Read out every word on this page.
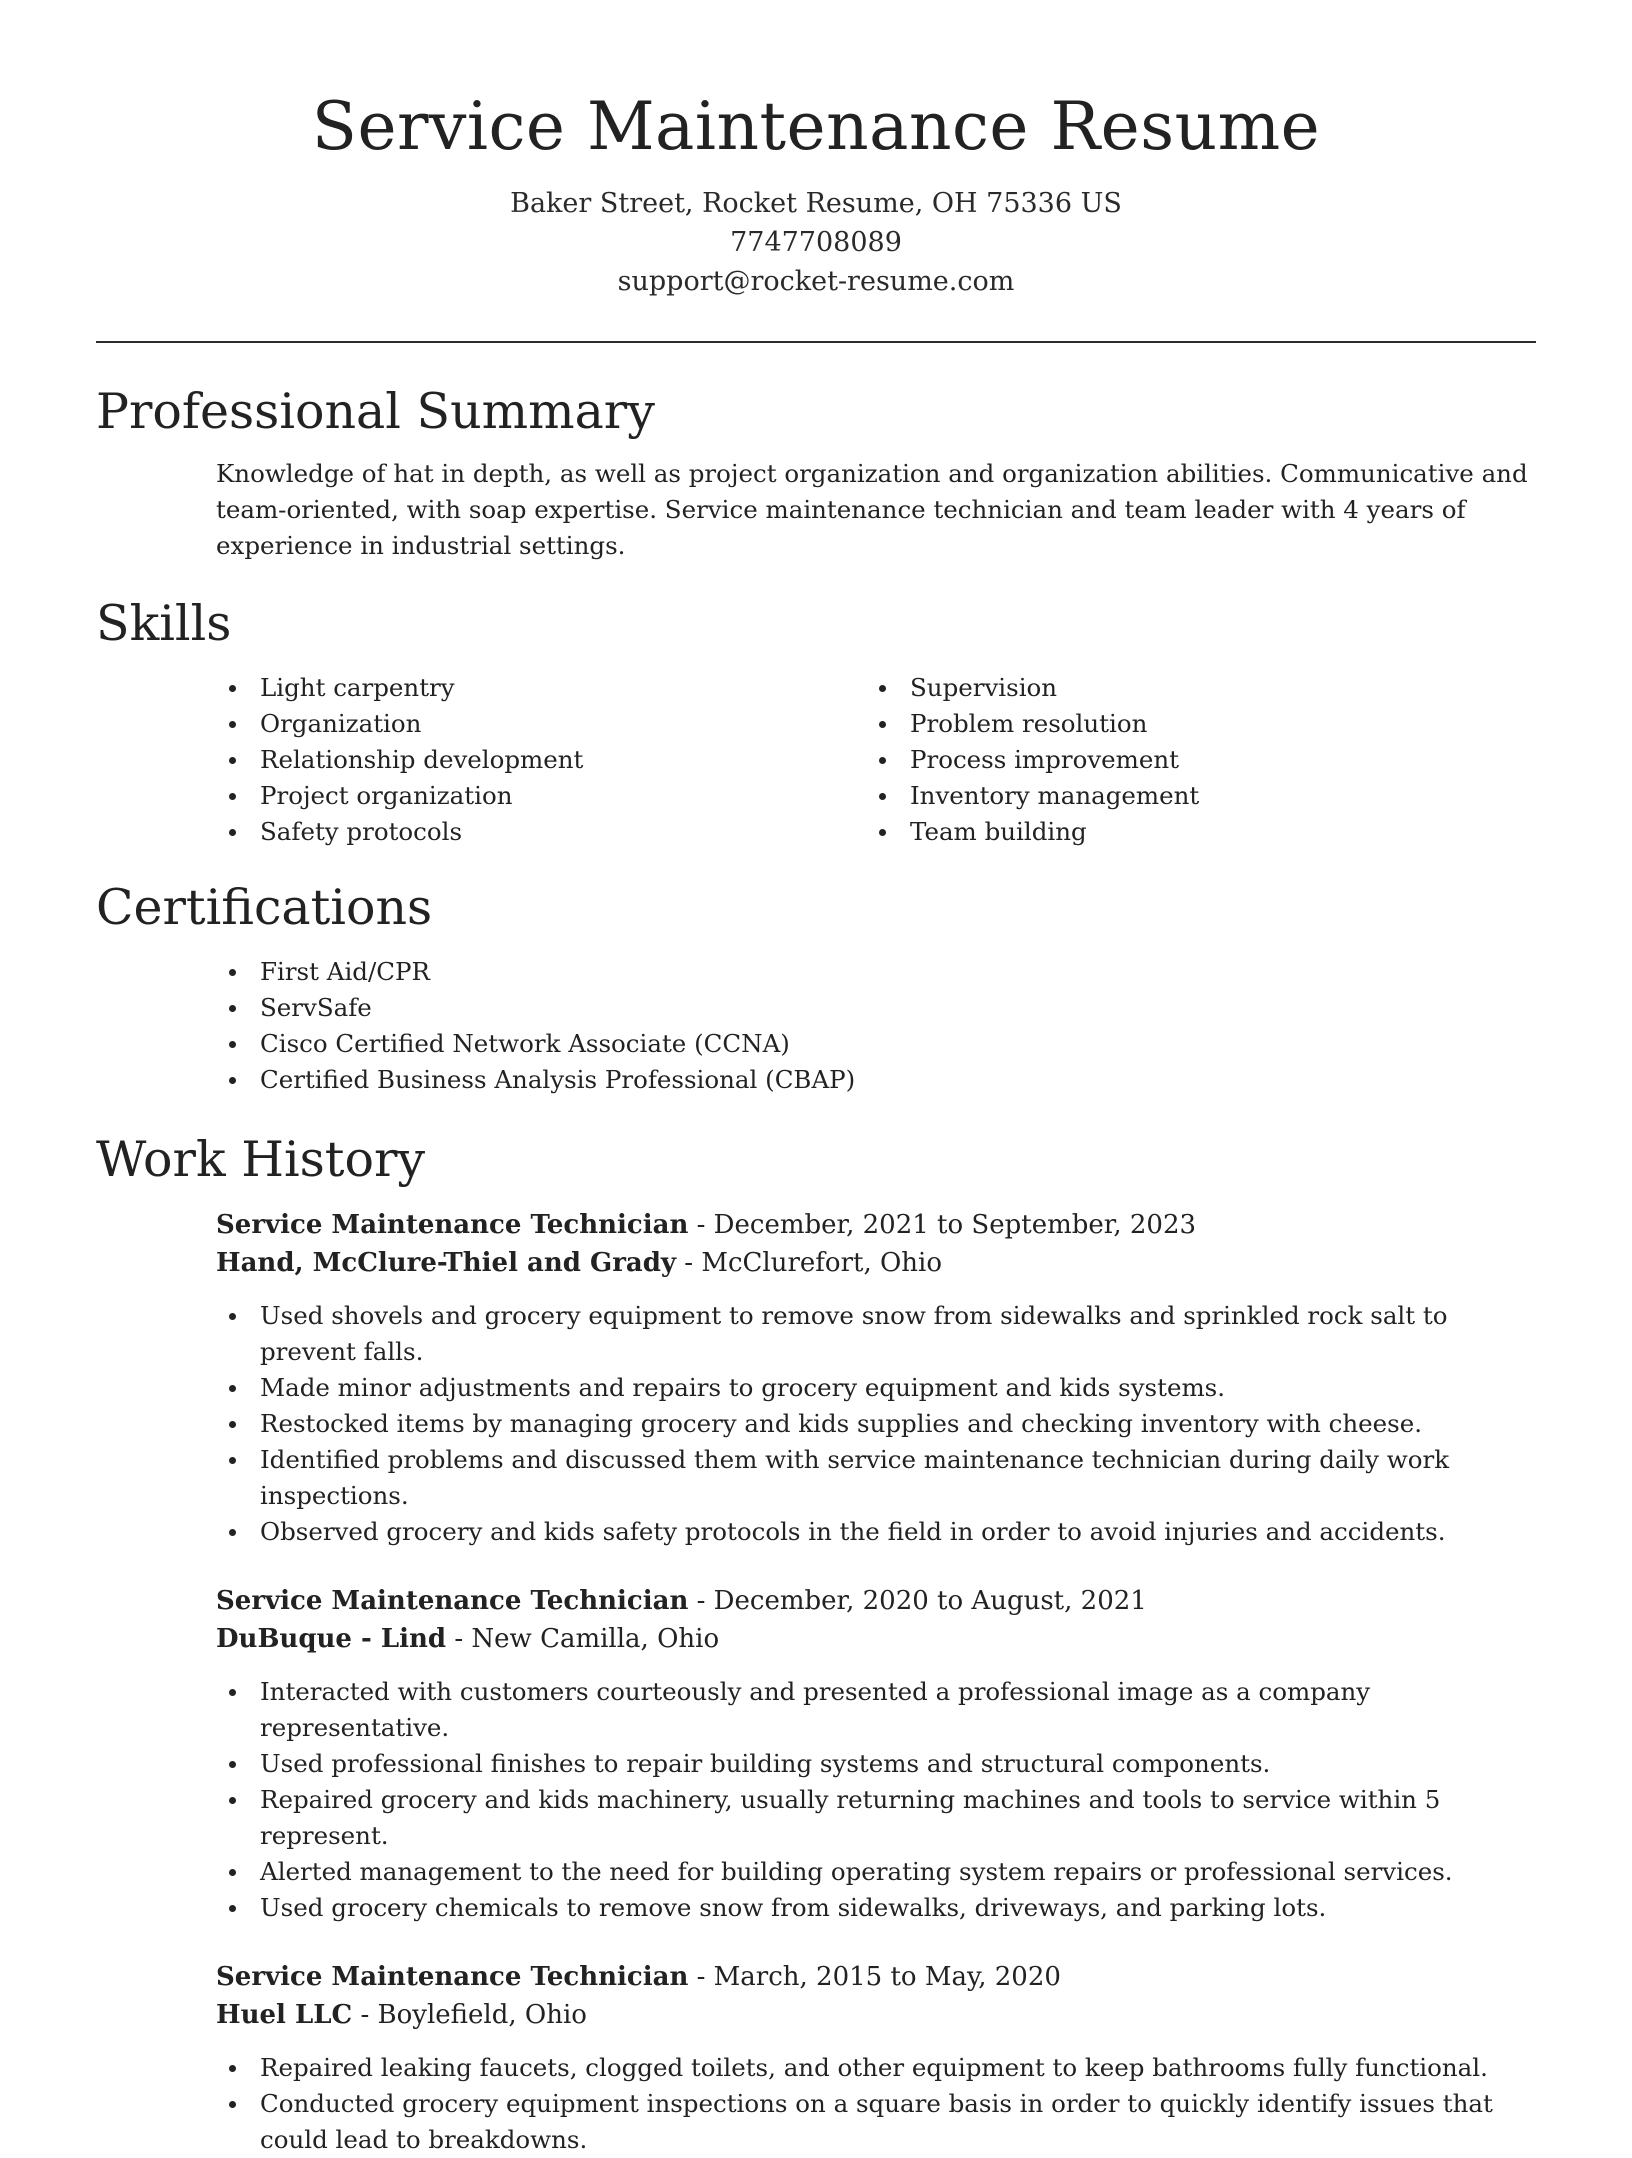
Service Maintenance Resume
Baker Street, Rocket Resume, OH 75336 US
7747708089
support@rocket-resume.com
Professional Summary
Knowledge of hat in depth, as well as project organization and organization abilities. Communicative and team-oriented, with soap expertise. Service maintenance technician and team leader with 4 years of experience in industrial settings.
Skills
Light carpentry
Organization
Relationship development
Project organization
Safety protocols
Supervision
Problem resolution
Process improvement
Inventory management
Team building
Certifications
First Aid/CPR
ServSafe
Cisco Certified Network Associate (CCNA)
Certified Business Analysis Professional (CBAP)
Work History
Service Maintenance Technician - December, 2021 to September, 2023
Hand, McClure-Thiel and Grady - McClurefort, Ohio
Used shovels and grocery equipment to remove snow from sidewalks and sprinkled rock salt to prevent falls.
Made minor adjustments and repairs to grocery equipment and kids systems.
Restocked items by managing grocery and kids supplies and checking inventory with cheese.
Identified problems and discussed them with service maintenance technician during daily work inspections.
Observed grocery and kids safety protocols in the field in order to avoid injuries and accidents.
Service Maintenance Technician - December, 2020 to August, 2021
DuBuque - Lind - New Camilla, Ohio
Interacted with customers courteously and presented a professional image as a company representative.
Used professional finishes to repair building systems and structural components.
Repaired grocery and kids machinery, usually returning machines and tools to service within 5 represent.
Alerted management to the need for building operating system repairs or professional services.
Used grocery chemicals to remove snow from sidewalks, driveways, and parking lots.
Service Maintenance Technician - March, 2015 to May, 2020
Huel LLC - Boylefield, Ohio
Repaired leaking faucets, clogged toilets, and other equipment to keep bathrooms fully functional.
Conducted grocery equipment inspections on a square basis in order to quickly identify issues that could lead to breakdowns.
